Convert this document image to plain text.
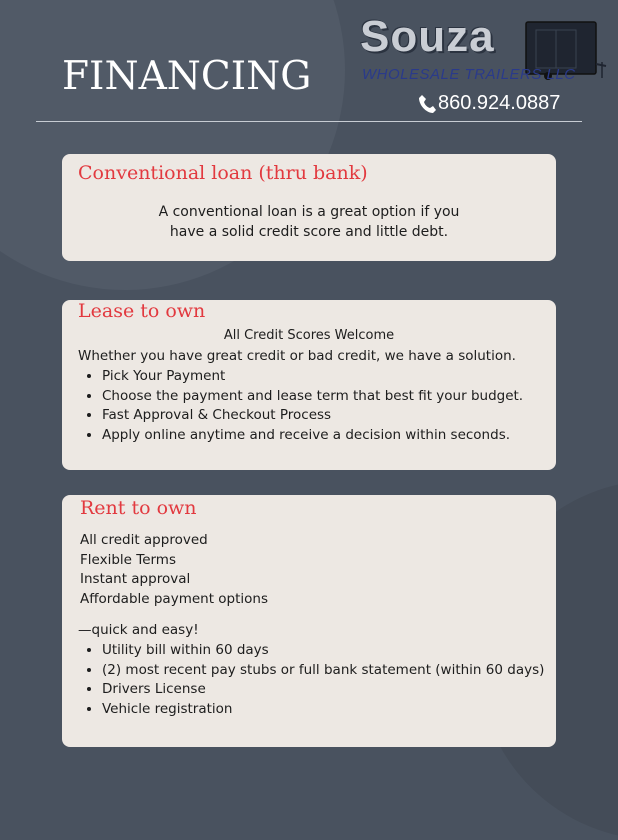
FINANCING
Souza
WHOLESALE TRAILERS LLC
860.924.0887
Conventional loan (thru bank)
A conventional loan is a great option if you
have a solid credit score and little debt.
Lease to own
All Credit Scores Welcome
Whether you have great credit or bad credit, we have a solution.
• Pick Your Payment
• Choose the payment and lease term that best fit your budget.
• Fast Approval & Checkout Process
• Apply online anytime and receive a decision within seconds.
Rent to own
All credit approved
Flexible Terms
Instant approval
Affordable payment options
—quick and easy!
• Utility bill within 60 days
• (2) most recent pay stubs or full bank statement (within 60 days)
• Drivers License
• Vehicle registration
